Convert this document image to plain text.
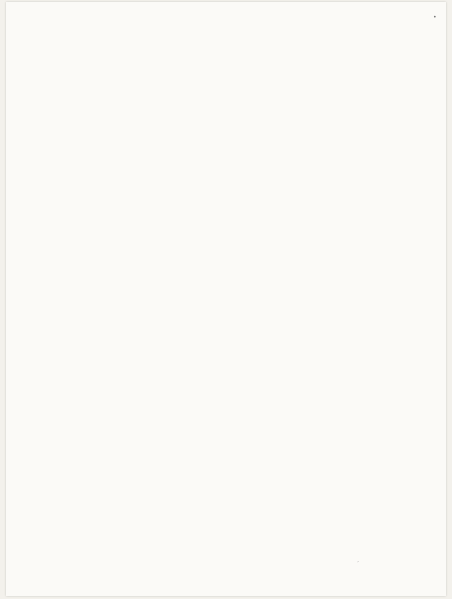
•
′
